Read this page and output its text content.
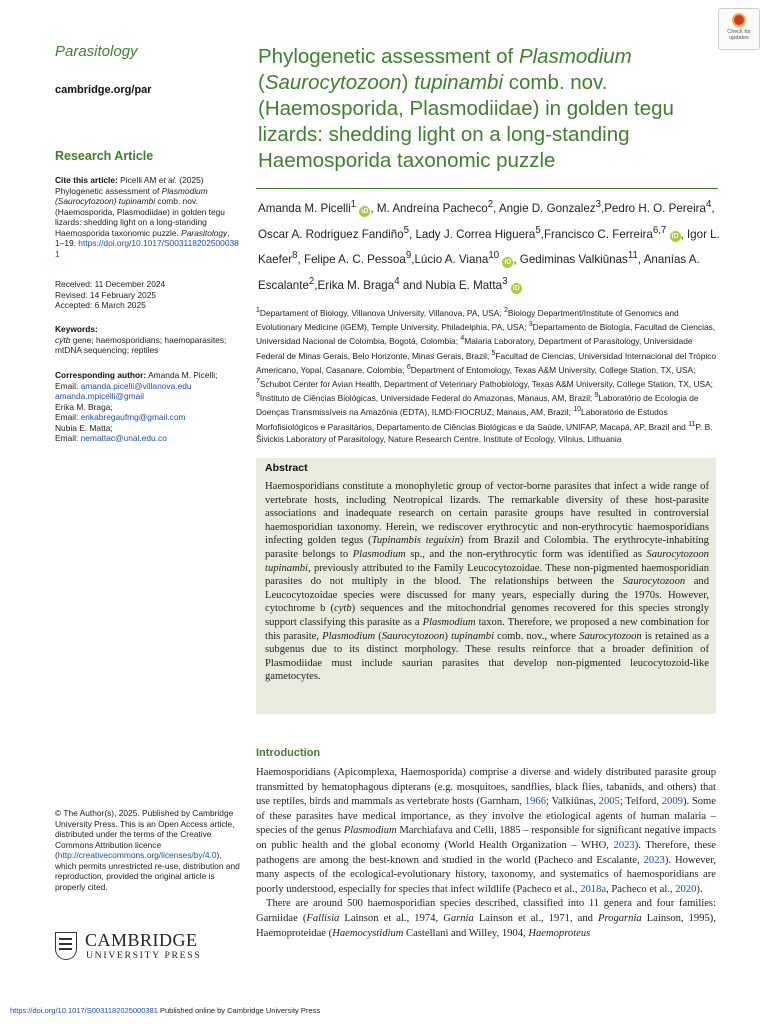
Parasitology
cambridge.org/par
Check for updates
Phylogenetic assessment of Plasmodium (Saurocytozoon) tupinambi comb. nov. (Haemosporida, Plasmodiidae) in golden tegu lizards: shedding light on a long-standing Haemosporida taxonomic puzzle
Research Article
Cite this article: Picelli AM et al. (2025) Phylogenetic assessment of Plasmodium
(Saurocytozoon) tupinambi comb. nov. (Haemosporida, Plasmodiidae) in golden tegu lizards: shedding light on a long-standing Haemosporida taxonomic puzzle. Parasitology, 1–19. https://doi.org/10.1017/S0031182025000381
Received: 11 December 2024
Revised: 14 February 2025
Accepted: 6 March 2025
Keywords:
cytb gene; haemosporidians; haemoparasites; mtDNA sequencing; reptiles
Corresponding author: Amanda M. Picelli;
Email: amanda.picelli@villanova.edu
amanda.mpicelli@gmail
Erika M. Braga;
Email: erikabregaufmg@gmail.com
Nubia E. Matta;
Email: nemattac@unal.edu.co
Amanda M. Picelli$^1$ iD , M. Andreína Pacheco$^2$, Angie D. Gonzalez$^3$,Pedro H. O. Pereira$^4$, Oscar A. Rodriguez Fandiño$^5$, Lady J. Correa Higuera$^5$,Francisco C. Ferreira$^{6,7}$ iD , Igor L. Kaefer$^8$, Felipe A. C. Pessoa$^9$,Lúcio A. Viana$^{10}$ iD , Gediminas Valkiūnas$^{11}$, Ananías A. Escalante$^2$,Erika M. Braga$^4$ and Nubia E. Matta$^3$ iD
$^1$Departament of Biology, Villanova University, Villanova, PA, USA; $^2$Biology Department/Institute of Genomics and Evolutionary Medicine (iGEM), Temple University, Philadelphia, PA, USA; $^3$Departamento de Biología, Facultad de Ciencias, Universidad Nacional de Colombia, Bogotá, Colombia; $^4$Malaria Laboratory, Department of Parasitology, Universidade Federal de Minas Gerais, Belo Horizonte, Minas Gerais, Brazil; $^5$Facultad de Ciencias, Universidad Internacional del Trópico Americano, Yopal, Casanare, Colombia; $^6$Department of Entomology, Texas A&M University, College Station, TX, USA; $^7$Schubot Center for Avian Health, Department of Veterinary Pathobiology, Texas A&M University, College Station, TX, USA; $^8$Instituto de Ciências Biológicas, Universidade Federal do Amazonas, Manaus, AM, Brazil; $^9$Laboratório de Ecologia de Doenças Transmissíveis na Amazônia (EDTA), ILMD-FIOCRUZ, Manaus, AM, Brazil; $^{10}$Laboratório de Estudos Morfofisiológicos e Parasitários, Departamento de Ciências Biológicas e da Saúde, UNIFAP, Macapá, AP, Brazil and $^{11}$P. B. Šivickis Laboratory of Parasitology, Nature Research Centre, Institute of Ecology, Vilnius, Lithuania
Abstract
Haemosporidians constitute a monophyletic group of vector-borne parasites that infect a wide range of vertebrate hosts, including Neotropical lizards. The remarkable diversity of these host-parasite associations and inadequate research on certain parasite groups have resulted in controversial haemosporidian taxonomy. Herein, we rediscover erythrocytic and non-erythrocytic haemosporidians infecting golden tegus (Tupinambis teguixin) from Brazil and Colombia. The erythrocyte-inhabiting parasite belongs to Plasmodium sp., and the non-erythrocytic form was identified as Saurocytozoon tupinambi, previously attributed to the Family Leucocytozoidae. These non-pigmented haemosporidian parasites do not multiply in the blood. The relationships between the Saurocytozoon and Leucocytozoidae species were discussed for many years, especially during the 1970s. However, cytochrome b (cytb) sequences and the mitochondrial genomes recovered for this species strongly support classifying this parasite as a Plasmodium taxon. Therefore, we proposed a new combination for this parasite, Plasmodium (Saurocytozoon) tupinambi comb. nov., where Saurocytozoon is retained as a subgenus due to its distinct morphology. These results reinforce that a broader definition of Plasmodiidae must include saurian parasites that develop non-pigmented leucocytozoid-like gametocytes.
Introduction

Haemosporidians (Apicomplexa, Haemosporida) comprise a diverse and widely distributed parasite group transmitted by hematophagous dipterans (e.g. mosquitoes, sandflies, black flies, tabanids, and others) that use reptiles, birds and mammals as vertebrate hosts (Garnham, 1966; Valkiūnas, 2005; Telford, 2009). Some of these parasites have medical importance, as they involve the etiological agents of human malaria – species of the genus Plasmodium Marchiafava and Celli, 1885 – responsible for significant negative impacts on public health and the global economy (World Health Organization – WHO, 2023). Therefore, these pathogens are among the best-known and studied in the world (Pacheco and Escalante, 2023). However, many aspects of the ecological-evolutionary history, taxonomy, and systematics of haemosporidians are poorly understood, especially for species that infect wildlife (Pacheco et al., 2018a, Pacheco et al., 2020).

There are around 500 haemosporidian species described, classified into 11 genera and four families: Garniidae (Fallisia Lainson et al., 1974, Garnia Lainson et al., 1971, and Progarnia Lainson, 1995), Haemoproteidae (Haemocystidium Castellani and Willey, 1904, Haemoproteus

© The Author(s), 2025. Published by Cambridge University Press. This is an Open Access article, distributed under the terms of the Creative Commons Attribution licence (http://creativecommons.org/licenses/by/4.0), which permits unrestricted re-use, distribution and reproduction, provided the original article is properly cited.
CAMBRIDGE
UNIVERSITY PRESS
https://doi.org/10.1017/S0031182025000381 Published online by Cambridge University Press
